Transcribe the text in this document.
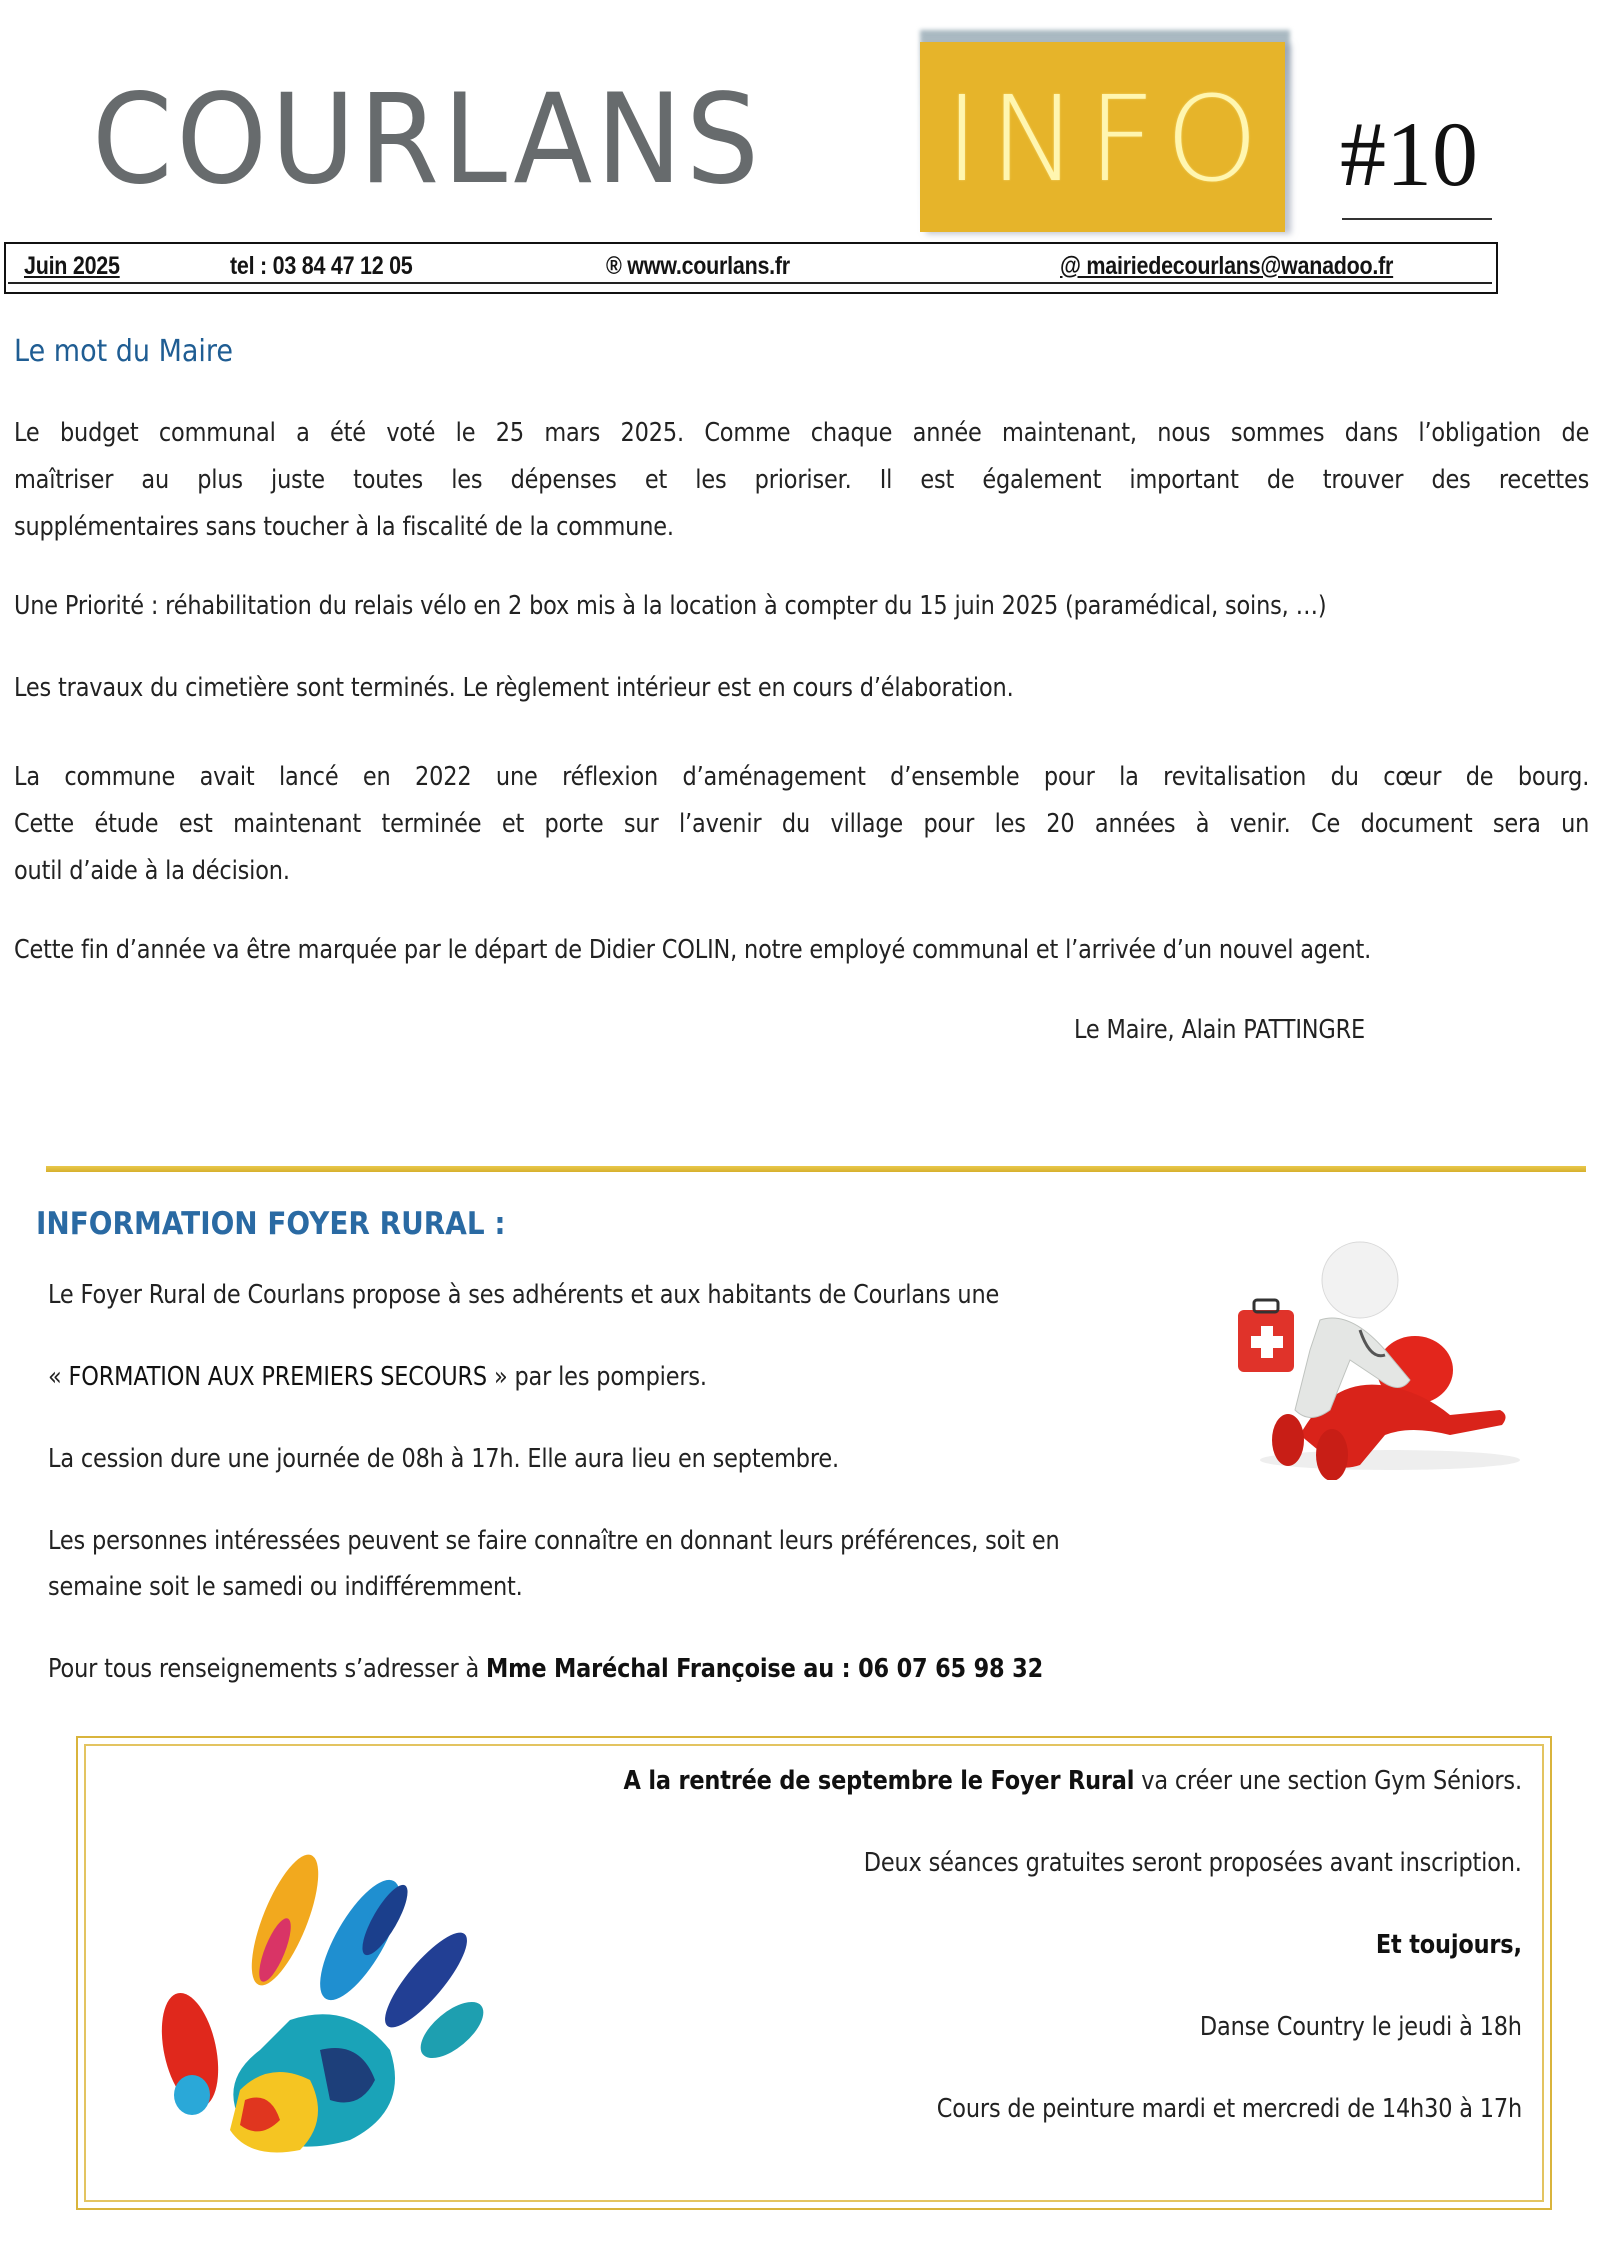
COURLANS INFO #10
Juin 2025	tel : 03 84 47 12 05	® www.courlans.fr	@ mairiedecourlans@wanadoo.fr
Le mot du Maire
Le budget communal a été voté le 25 mars 2025. Comme chaque année maintenant, nous sommes dans l’obligation de
maîtriser au plus juste toutes les dépenses et les prioriser. Il est également important de trouver des recettes
supplémentaires sans toucher à la fiscalité de la commune.
Une Priorité : réhabilitation du relais vélo en 2 box mis à la location à compter du 15 juin 2025 (paramédical, soins, …)
Les travaux du cimetière sont terminés. Le règlement intérieur est en cours d’élaboration.
La commune avait lancé en 2022 une réflexion d’aménagement d’ensemble pour la revitalisation du cœur de bourg.
Cette étude est maintenant terminée et porte sur l’avenir du village pour les 20 années à venir. Ce document sera un
outil d’aide à la décision.
Cette fin d’année va être marquée par le départ de Didier COLIN, notre employé communal et l’arrivée d’un nouvel agent.
Le Maire, Alain PATTINGRE
INFORMATION FOYER RURAL :
Le Foyer Rural de Courlans propose à ses adhérents et aux habitants de Courlans une
« FORMATION AUX PREMIERS SECOURS » par les pompiers.
La cession dure une journée de 08h à 17h. Elle aura lieu en septembre.
Les personnes intéressées peuvent se faire connaître en donnant leurs préférences, soit en
semaine soit le samedi ou indifféremment.
Pour tous renseignements s’adresser à Mme Maréchal Françoise au : 06 07 65 98 32
A la rentrée de septembre le Foyer Rural va créer une section Gym Séniors.
Deux séances gratuites seront proposées avant inscription.
Et toujours,
Danse Country le jeudi à 18h
Cours de peinture mardi et mercredi de 14h30 à 17h
